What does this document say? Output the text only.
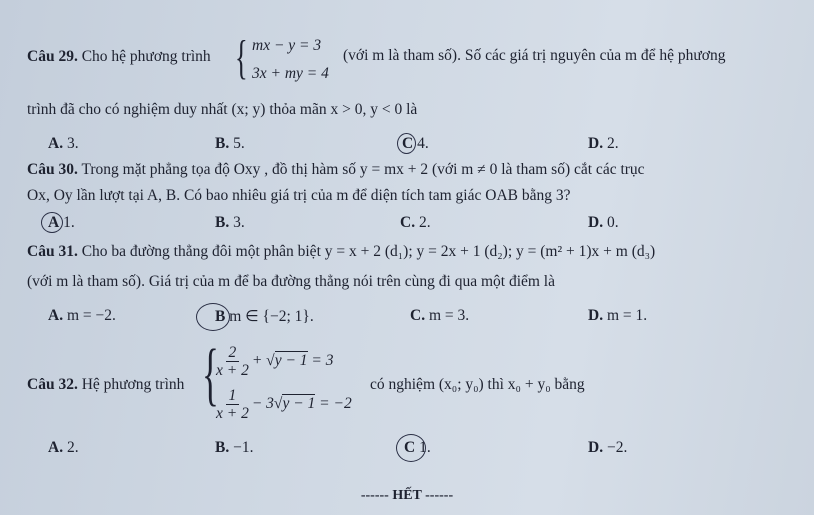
Câu 29. Cho hệ phương trình { mx − y = 3
3x + my = 4
(với m là tham số). Số các giá trị nguyên của m để hệ phương
trình đã cho có nghiệm duy nhất (x; y) thỏa mãn x > 0, y < 0 là
A. 3.	B. 5.	C 4.	D. 2.
Câu 30. Trong mặt phẳng tọa độ Oxy , đồ thị hàm số y = mx + 2 (với m ≠ 0 là tham số) cắt các trục
Ox, Oy lần lượt tại A, B. Có bao nhiêu giá trị của m để diện tích tam giác OAB bằng 3?
A 1.	B. 3.	C. 2.	D. 0.
Câu 31. Cho ba đường thẳng đôi một phân biệt y = x + 2 (d₁); y = 2x + 1 (d₂); y = (m² + 1)x + m (d₃)
(với m là tham số). Giá trị của m để ba đường thẳng nói trên cùng đi qua một điểm là
A. m = −2.	B m ∈ {−2; 1}.	C. m = 3.	D. m = 1.
Câu 32. Hệ phương trình {
$\frac{2}{x + 2} + √y - 1 = 3$
$\frac{1}{x + 2} - 3√y - 1 = -2$
có nghiệm (x₀; y₀) thì x₀ + y₀ bằng
A. 2.	B. −1.	C 1.	D. −2.
------ HẾT ------
